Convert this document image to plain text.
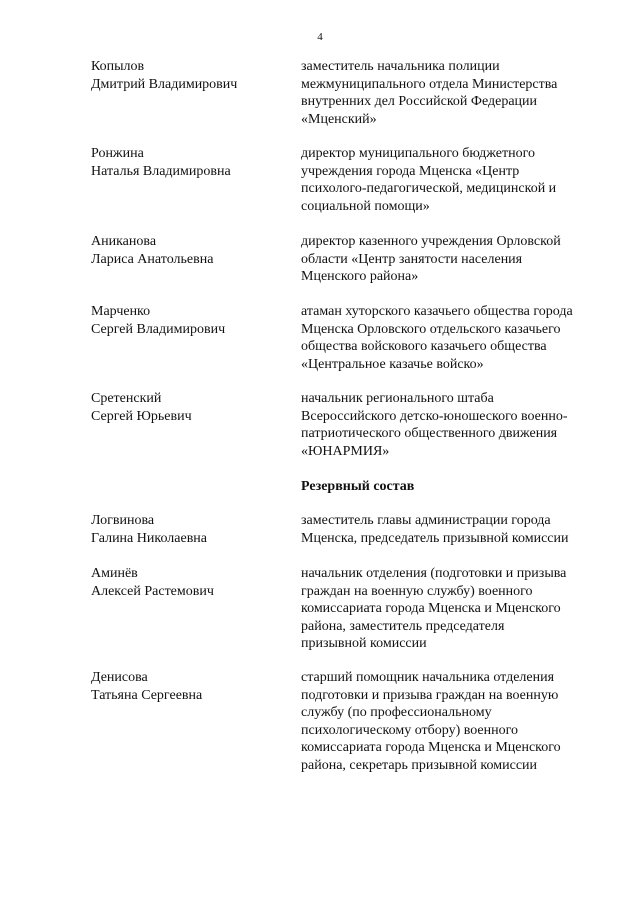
4
Копылов
Дмитрий Владимирович
заместитель начальника полиции
межмуниципального отдела Министерства
внутренних дел Российской Федерации
«Мценский»
Ронжина
Наталья Владимировна
директор муниципального бюджетного
учреждения города Мценска «Центр
психолого-педагогической, медицинской и
социальной помощи»
Аниканова
Лариса Анатольевна
директор казенного учреждения Орловской
области «Центр занятости населения
Мценского района»
Марченко
Сергей Владимирович
атаман хуторского казачьего общества города
Мценска Орловского отдельского казачьего
общества войскового казачьего общества
«Центральное казачье войско»
Сретенский
Сергей Юрьевич
начальник регионального штаба
Всероссийского детско-юношеского военно-
патриотического общественного движения
«ЮНАРМИЯ»
Резервный состав
Логвинова
Галина Николаевна
заместитель главы администрации города
Мценска, председатель призывной комиссии
Аминёв
Алексей Растемович
начальник отделения (подготовки и призыва
граждан на военную службу) военного
комиссариата города Мценска и Мценского
района, заместитель председателя
призывной комиссии
Денисова
Татьяна Сергеевна
старший помощник начальника отделения
подготовки и призыва граждан на военную
службу (по профессиональному
психологическому отбору) военного
комиссариата города Мценска и Мценского
района, секретарь призывной комиссии
